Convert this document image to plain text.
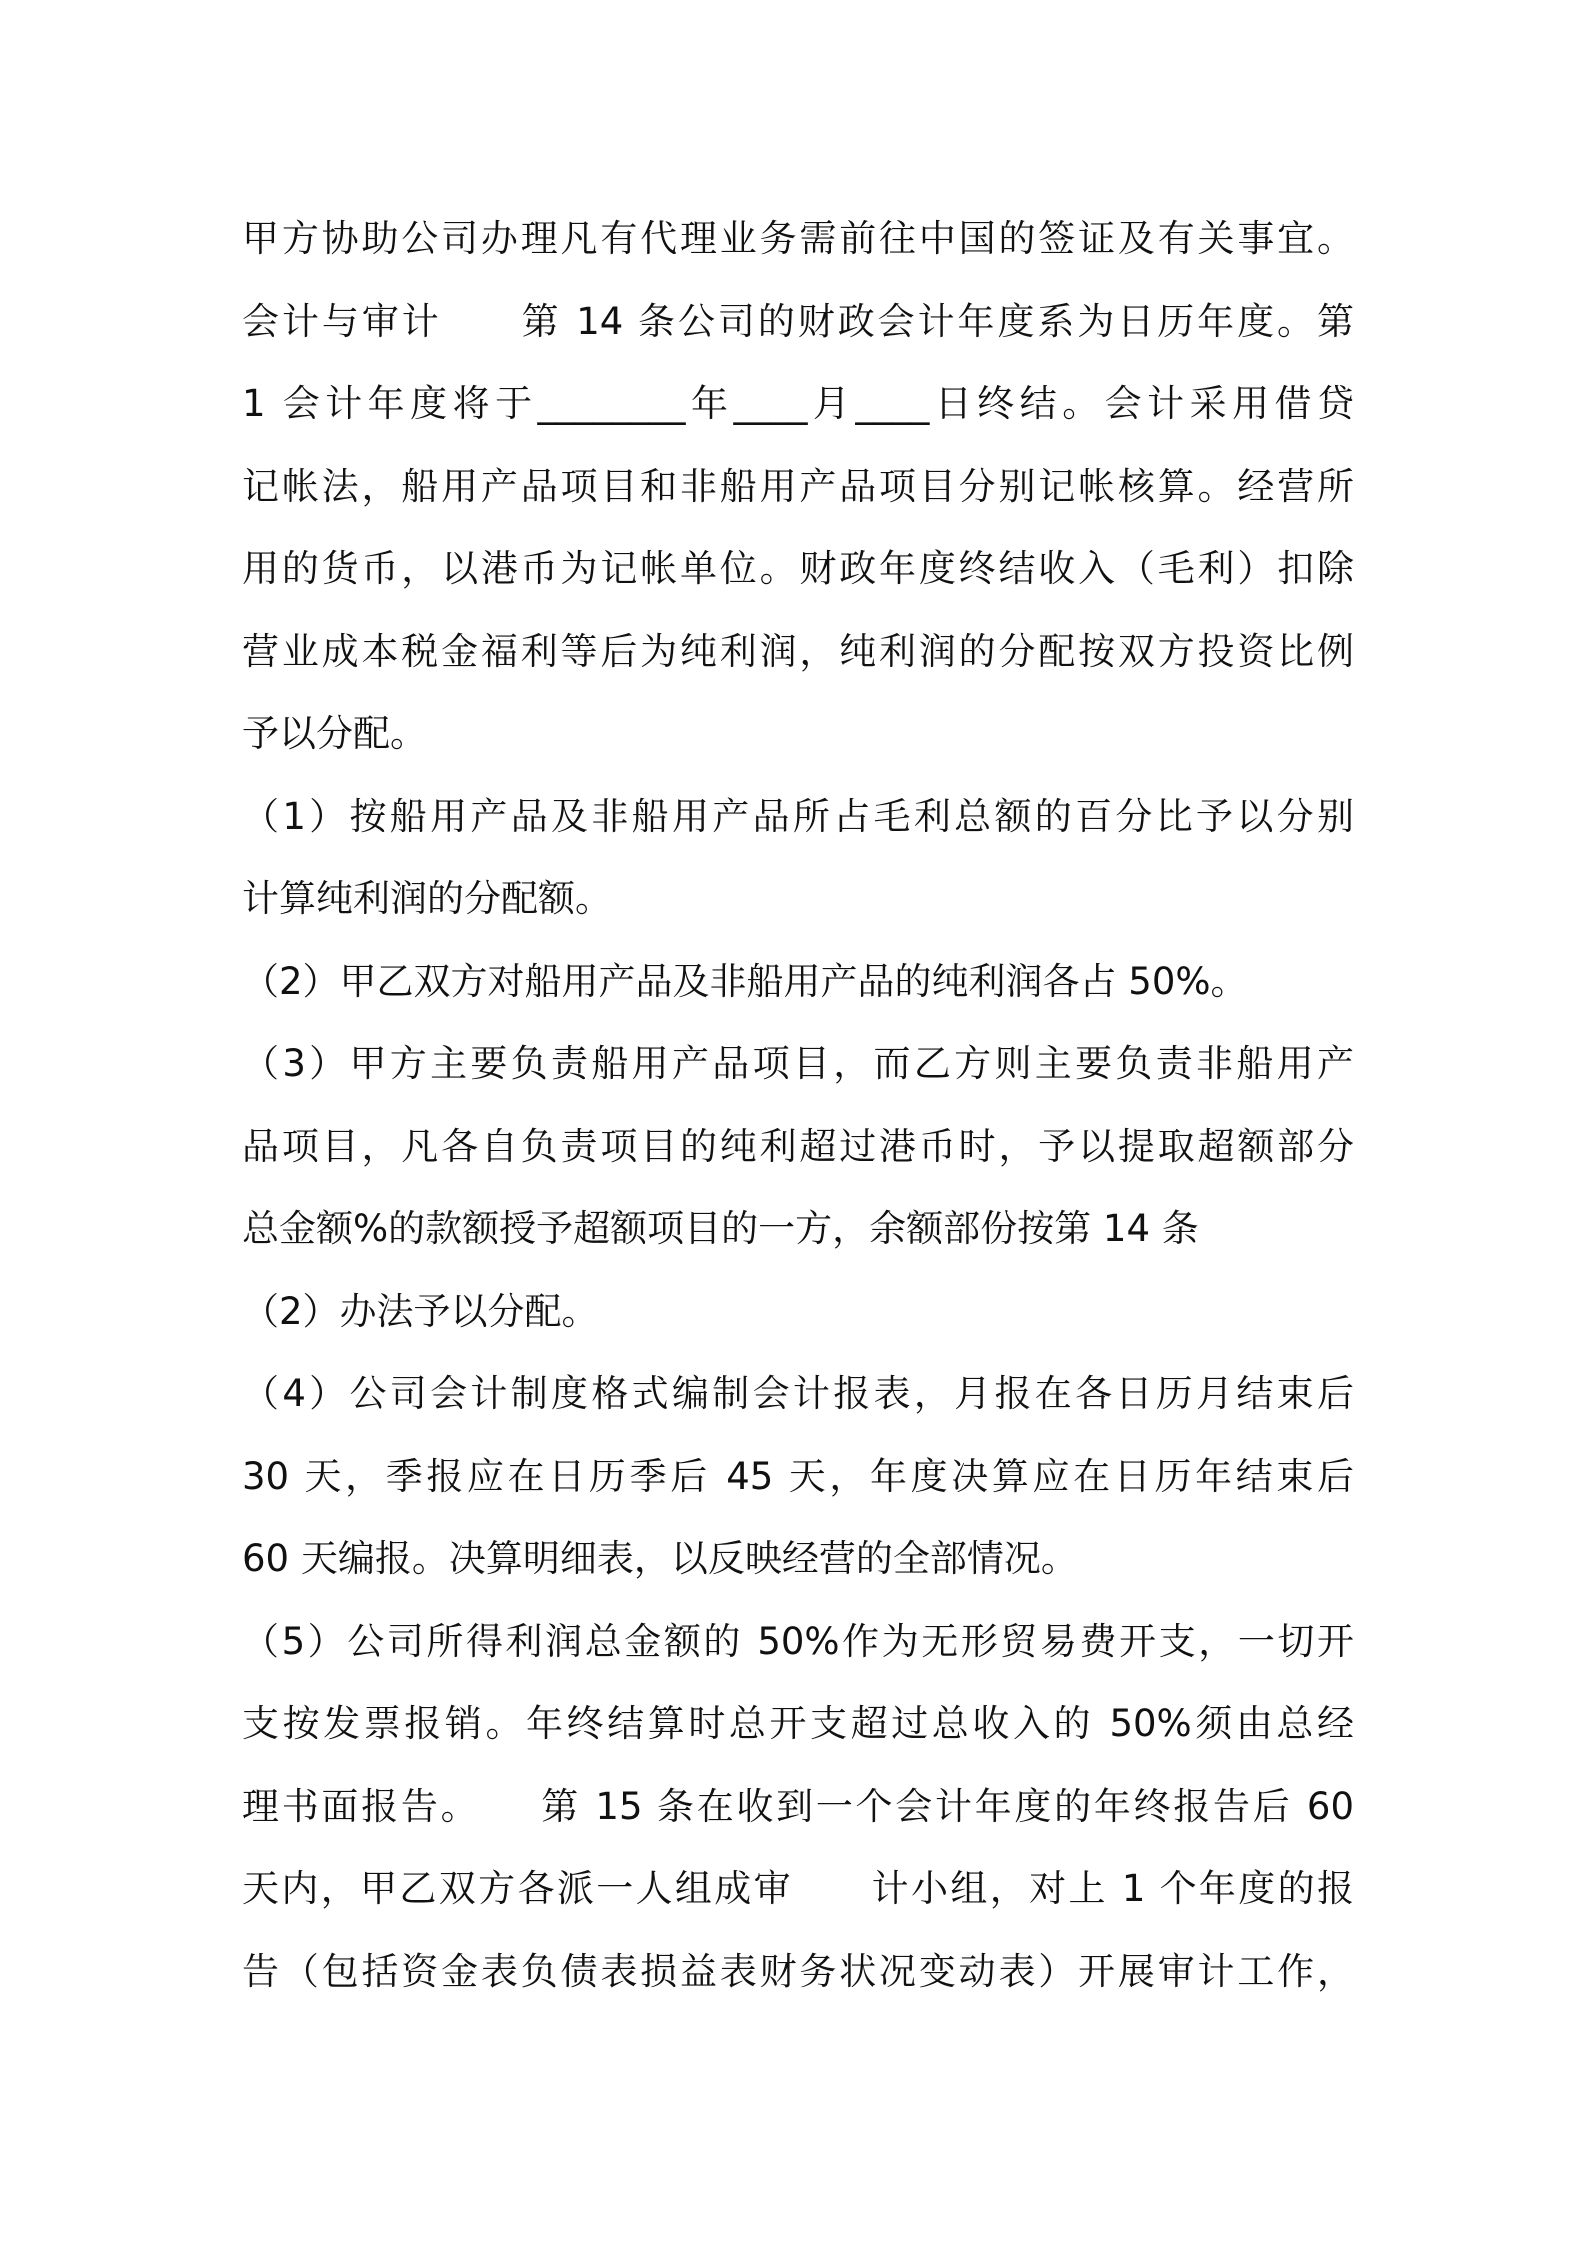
甲方协助公司办理凡有代理业务需前往中国的签证及有关事宜。
会计与审计　　第 14 条公司的财政会计年度系为日历年度。第
1 会计年度将于________年____月____日终结。会计采用借贷
记帐法，船用产品项目和非船用产品项目分别记帐核算。经营所
用的货币，以港币为记帐单位。财政年度终结收入（毛利）扣除
营业成本税金福利等后为纯利润，纯利润的分配按双方投资比例
予以分配。
（1）按船用产品及非船用产品所占毛利总额的百分比予以分别
计算纯利润的分配额。
（2）甲乙双方对船用产品及非船用产品的纯利润各占 50%。
（3）甲方主要负责船用产品项目，而乙方则主要负责非船用产
品项目，凡各自负责项目的纯利超过港币时，予以提取超额部分
总金额%的款额授予超额项目的一方，余额部份按第 14 条
（2）办法予以分配。
（4）公司会计制度格式编制会计报表，月报在各日历月结束后
30 天，季报应在日历季后 45 天，年度决算应在日历年结束后
60 天编报。决算明细表，以反映经营的全部情况。
（5）公司所得利润总金额的 50%作为无形贸易费开支，一切开
支按发票报销。年终结算时总开支超过总收入的 50%须由总经
理书面报告。　　第 15 条在收到一个会计年度的年终报告后 60
天内，甲乙双方各派一人组成审　　计小组，对上 1 个年度的报
告（包括资金表负债表损益表财务状况变动表）开展审计工作，
